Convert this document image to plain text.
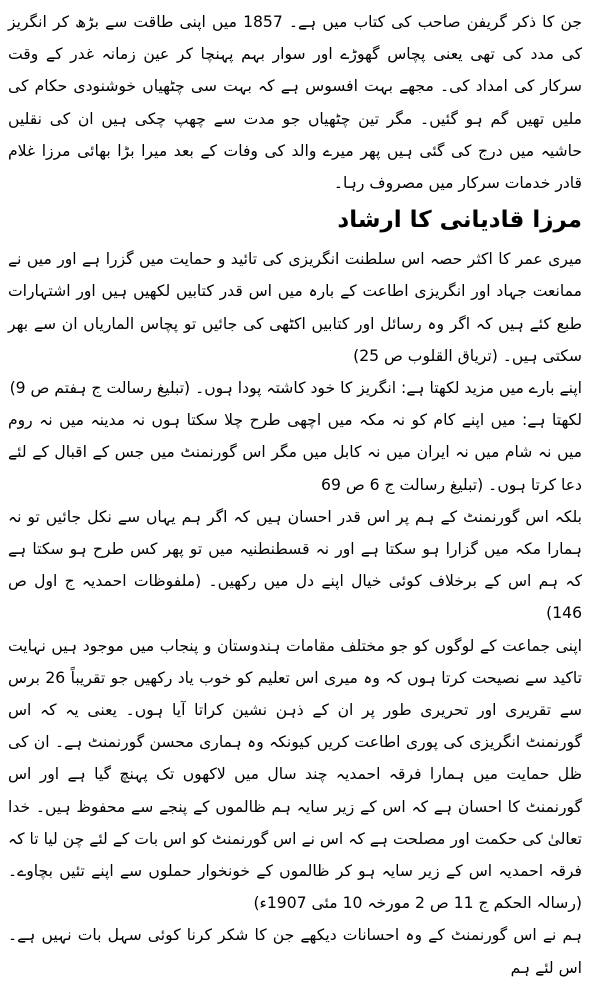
جن کا ذکر گریفن صاحب کی کتاب میں ہے۔ 1857 میں اپنی طاقت سے بڑھ کر انگریز کی مدد کی تھی یعنی پچاس گھوڑے اور سوار بہم پہنچا کر عین زمانہ غدر کے وقت سرکار کی امداد کی۔ مجھے بہت افسوس ہے کہ بہت سی چٹھیاں خوشنودی حکام کی ملیں تھیں گم ہو گئیں۔ مگر تین چٹھیاں جو مدت سے چھپ چکی ہیں ان کی نقلیں حاشیہ میں درج کی گئی ہیں پھر میرے والد کی وفات کے بعد میرا بڑا بھائی مرزا غلام قادر خدمات سرکار میں مصروف رہا۔

مرزا قادیانی کا ارشاد

میری عمر کا اکثر حصہ اس سلطنت انگریزی کی تائید و حمایت میں گزرا ہے اور میں نے ممانعت جہاد اور انگریزی اطاعت کے بارہ میں اس قدر کتابیں لکھیں ہیں اور اشتہارات طبع کئے ہیں کہ اگر وہ رسائل اور کتابیں اکٹھی کی جائیں تو پچاس الماریاں ان سے بھر سکتی ہیں۔ (تریاق القلوب ص 25)

اپنے بارے میں مزید لکھتا ہے: انگریز کا خود کاشتہ پودا ہوں۔ (تبلیغ رسالت ج ہفتم ص 9)

لکھتا ہے: میں اپنے کام کو نہ مکہ میں اچھی طرح چلا سکتا ہوں نہ مدینہ میں نہ روم میں نہ شام میں نہ ایران میں نہ کابل میں مگر اس گورنمنٹ میں جس کے اقبال کے لئے دعا کرتا ہوں۔ (تبلیغ رسالت ج 6 ص 69

بلکہ اس گورنمنٹ کے ہم پر اس قدر احسان ہیں کہ اگر ہم یہاں سے نکل جائیں تو نہ ہمارا مکہ میں گزارا ہو سکتا ہے اور نہ قسطنطنیہ میں تو پھر کس طرح ہو سکتا ہے کہ ہم اس کے برخلاف کوئی خیال اپنے دل میں رکھیں۔ (ملفوظات احمدیہ ج اول ص 146)

اپنی جماعت کے لوگوں کو جو مختلف مقامات ہندوستان و پنجاب میں موجود ہیں نہایت تاکید سے نصیحت کرتا ہوں کہ وہ میری اس تعلیم کو خوب یاد رکھیں جو تقریباً 26 برس سے تقریری اور تحریری طور پر ان کے ذہن نشین کراتا آیا ہوں۔ یعنی یہ کہ اس گورنمنٹ انگریزی کی پوری اطاعت کریں کیونکہ وہ ہماری محسن گورنمنٹ ہے۔ ان کی ظل حمایت میں ہمارا فرقہ احمدیہ چند سال میں لاکھوں تک پہنچ گیا ہے اور اس گورنمنٹ کا احسان ہے کہ اس کے زیر سایہ ہم ظالموں کے پنجے سے محفوظ ہیں۔ خدا تعالیٰ کی حکمت اور مصلحت ہے کہ اس نے اس گورنمنٹ کو اس بات کے لئے چن لیا تا کہ فرقہ احمدیہ اس کے زیر سایہ ہو کر ظالموں کے خونخوار حملوں سے اپنے تئیں بچاوے۔ (رسالہ الحکم ج 11 ص 2 مورخہ 10 مئی 1907ء)

ہم نے اس گورنمنٹ کے وہ احسانات دیکھے جن کا شکر کرنا کوئی سہل بات نہیں ہے۔ اس لئے ہم
